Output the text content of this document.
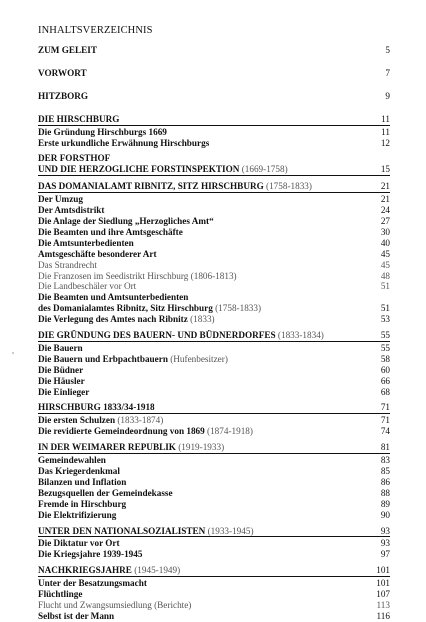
INHALTSVERZEICHNIS
ZUM GELEIT	5
VORWORT	7
HITZBORG	9
DIE HIRSCHBURG	11
Die Gründung Hirschburgs 1669	11
Erste urkundliche Erwähnung Hirschburgs	12
DER FORSTHOF
UND DIE HERZOGLICHE FORSTINSPEKTION (1669-1758)	15
DAS DOMANIALAMT RIBNITZ, SITZ HIRSCHBURG (1758-1833)	21
Der Umzug	21
Der Amtsdistrikt	24
Die Anlage der Siedlung „Herzogliches Amt“	27
Die Beamten und ihre Amtsgeschäfte	30
Die Amtsunterbedienten	40
Amtsgeschäfte besonderer Art	45
Das Strandrecht	45
Die Franzosen im Seedistrikt Hirschburg (1806-1813)	48
Die Landbeschäler vor Ort	51
Die Beamten und Amtsunterbedienten
des Domanialamtes Ribnitz, Sitz Hirschburg (1758-1833)	51
Die Verlegung des Amtes nach Ribnitz (1833)	53
DIE GRÜNDUNG DES BAUERN- UND BÜDNERDORFES (1833-1834)	55
Die Bauern	55
Die Bauern und Erbpachtbauern (Hufenbesitzer)	58
Die Büdner	60
Die Häusler	66
Die Einlieger	68
HIRSCHBURG 1833/34-1918	71
Die ersten Schulzen (1833-1874)	71
Die revidierte Gemeindeordnung von 1869 (1874-1918)	74
IN DER WEIMARER REPUBLIK (1919-1933)	81
Gemeindewahlen	83
Das Kriegerdenkmal	85
Bilanzen und Inflation	86
Bezugsquellen der Gemeindekasse	88
Fremde in Hirschburg	89
Die Elektrifizierung	90
UNTER DEN NATIONALSOZIALISTEN (1933-1945)	93
Die Diktatur vor Ort	93
Die Kriegsjahre 1939-1945	97
NACHKRIEGSJAHRE (1945-1949)	101
Unter der Besatzungsmacht	101
Flüchtlinge	107
Flucht und Zwangsumsiedlung (Berichte)	113
Selbst ist der Mann	116
